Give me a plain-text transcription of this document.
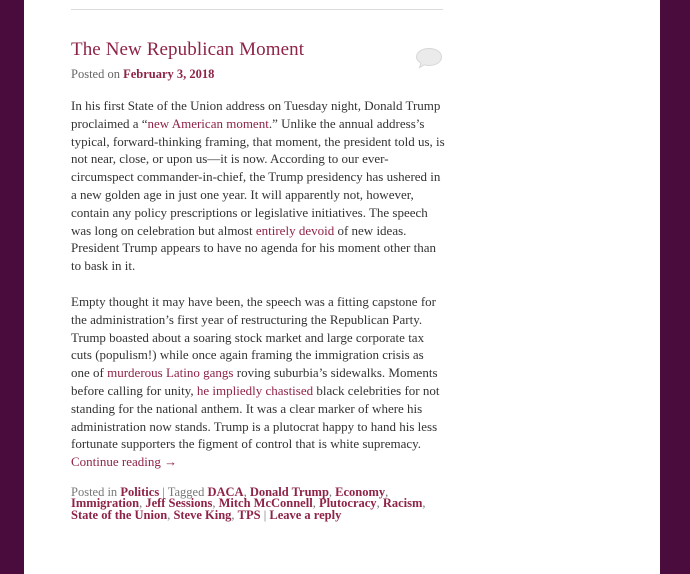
The New Republican Moment
Posted on February 3, 2018

In his first State of the Union address on Tuesday night, Donald Trump proclaimed a “new American moment.” Unlike the annual address’s typical, forward-thinking framing, that moment, the president told us, is not near, close, or upon us—it is now. According to our ever-circumspect commander-in-chief, the Trump presidency has ushered in a new golden age in just one year. It will apparently not, however, contain any policy prescriptions or legislative initiatives. The speech was long on celebration but almost entirely devoid of new ideas. President Trump appears to have no agenda for his moment other than to bask in it.

Empty thought it may have been, the speech was a fitting capstone for the administration’s first year of restructuring the Republican Party. Trump boasted about a soaring stock market and large corporate tax cuts (populism!) while once again framing the immigration crisis as one of murderous Latino gangs roving suburbia’s sidewalks. Moments before calling for unity, he impliedly chastised black celebrities for not standing for the national anthem. It was a clear marker of where his administration now stands. Trump is a plutocrat happy to hand his less fortunate supporters the figment of control that is white supremacy. Continue reading →

Posted in Politics | Tagged DACA, Donald Trump, Economy, Immigration, Jeff Sessions, Mitch McConnell, Plutocracy, Racism, State of the Union, Steve King, TPS | Leave a reply
